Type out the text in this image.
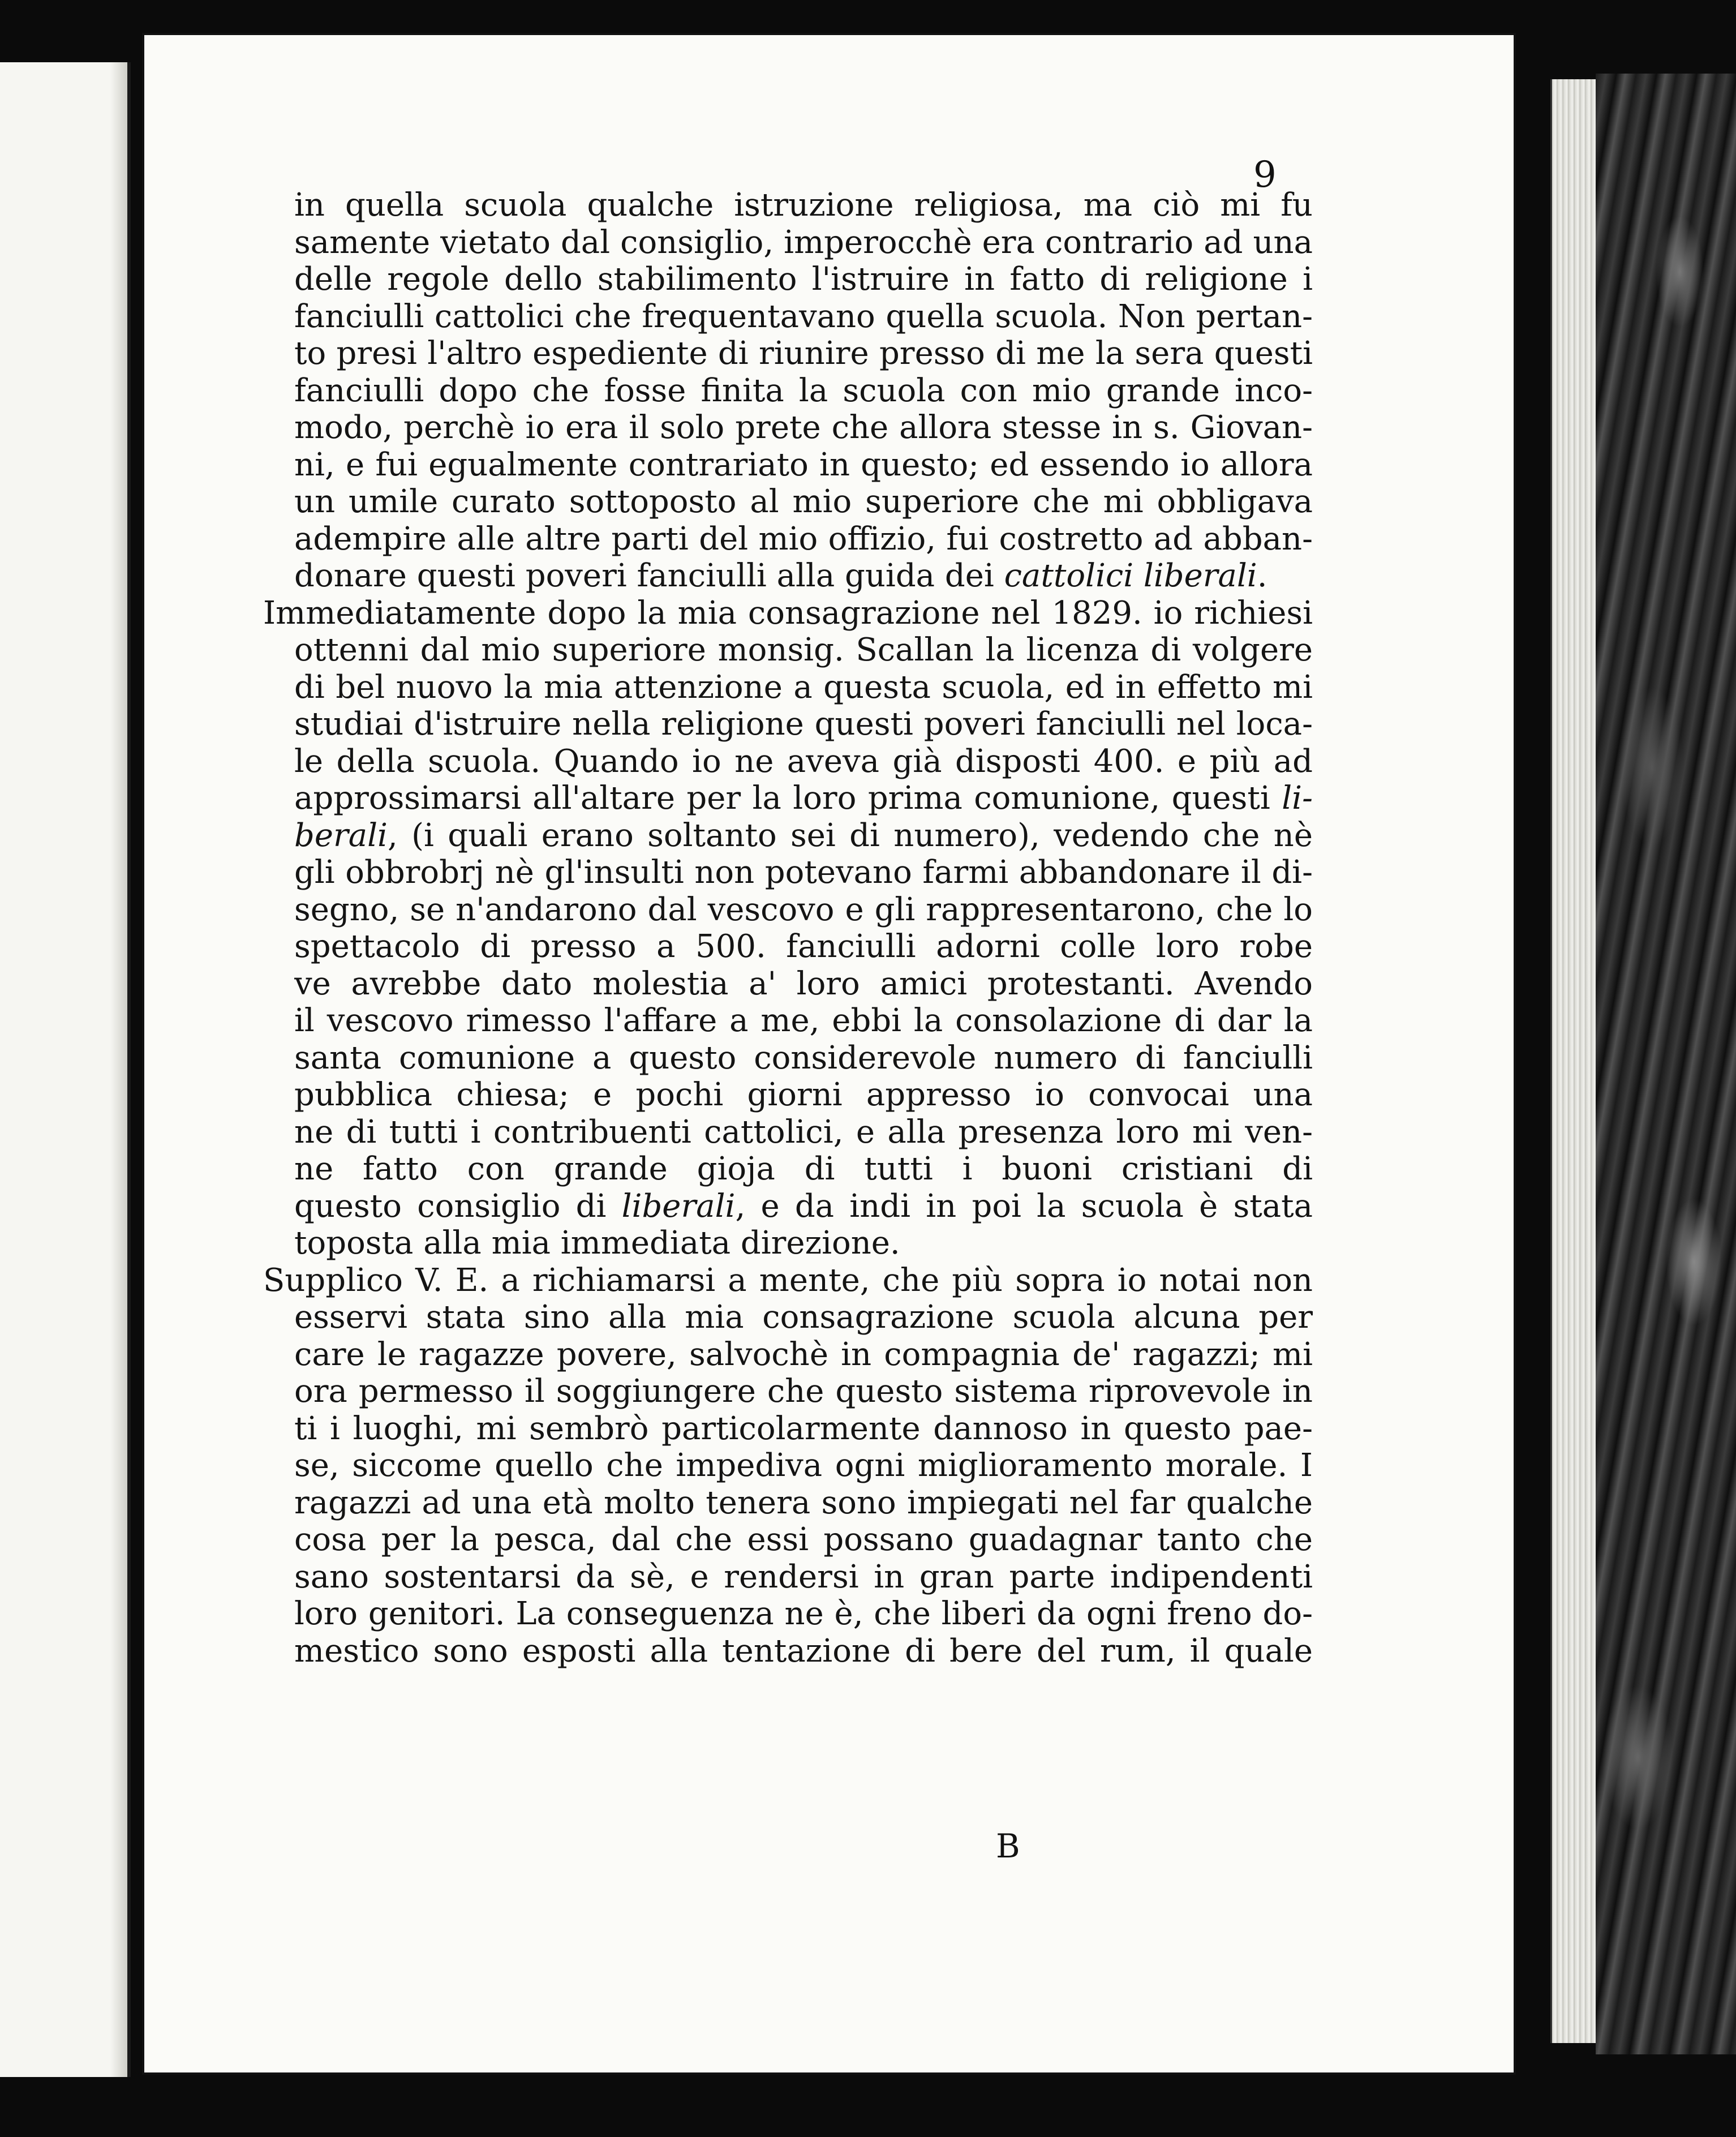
9
in quella scuola qualche istruzione religiosa, ma ciò mi fu
samente vietato dal consiglio, imperocchè era contrario ad una
delle regole dello stabilimento l'istruire in fatto di religione i
fanciulli cattolici che frequentavano quella scuola. Non pertan-
to presi l'altro espediente di riunire presso di me la sera questi
fanciulli dopo che fosse finita la scuola con mio grande inco-
modo, perchè io era il solo prete che allora stesse in s. Giovan-
ni, e fui egualmente contrariato in questo; ed essendo io allora
un umile curato sottoposto al mio superiore che mi obbligava
adempire alle altre parti del mio offizio, fui costretto ad abban-
donare questi poveri fanciulli alla guida dei cattolici liberali.
Immediatamente dopo la mia consagrazione nel 1829. io richiesi
ottenni dal mio superiore monsig. Scallan la licenza di volgere
di bel nuovo la mia attenzione a questa scuola, ed in effetto mi
studiai d'istruire nella religione questi poveri fanciulli nel loca-
le della scuola. Quando io ne aveva già disposti 400. e più ad
approssimarsi all'altare per la loro prima comunione, questi li-
berali, (i quali erano soltanto sei di numero), vedendo che nè
gli obbrobrj nè gl'insulti non potevano farmi abbandonare il di-
segno, se n'andarono dal vescovo e gli rappresentarono, che lo
spettacolo di presso a 500. fanciulli adorni colle loro robe
ve avrebbe dato molestia a' loro amici protestanti. Avendo
il vescovo rimesso l'affare a me, ebbi la consolazione di dar la
santa comunione a questo considerevole numero di fanciulli
pubblica chiesa; e pochi giorni appresso io convocai una
ne di tutti i contribuenti cattolici, e alla presenza loro mi ven-
ne fatto con grande gioja di tutti i buoni cristiani di
questo consiglio di liberali, e da indi in poi la scuola è stata
toposta alla mia immediata direzione.
Supplico V. E. a richiamarsi a mente, che più sopra io notai non
esservi stata sino alla mia consagrazione scuola alcuna per
care le ragazze povere, salvochè in compagnia de' ragazzi; mi
ora permesso il soggiungere che questo sistema riprovevole in
ti i luoghi, mi sembrò particolarmente dannoso in questo pae-
se, siccome quello che impediva ogni miglioramento morale. I
ragazzi ad una età molto tenera sono impiegati nel far qualche
cosa per la pesca, dal che essi possano guadagnar tanto che
sano sostentarsi da sè, e rendersi in gran parte indipendenti
loro genitori. La conseguenza ne è, che liberi da ogni freno do-
mestico sono esposti alla tentazione di bere del rum, il quale
B
